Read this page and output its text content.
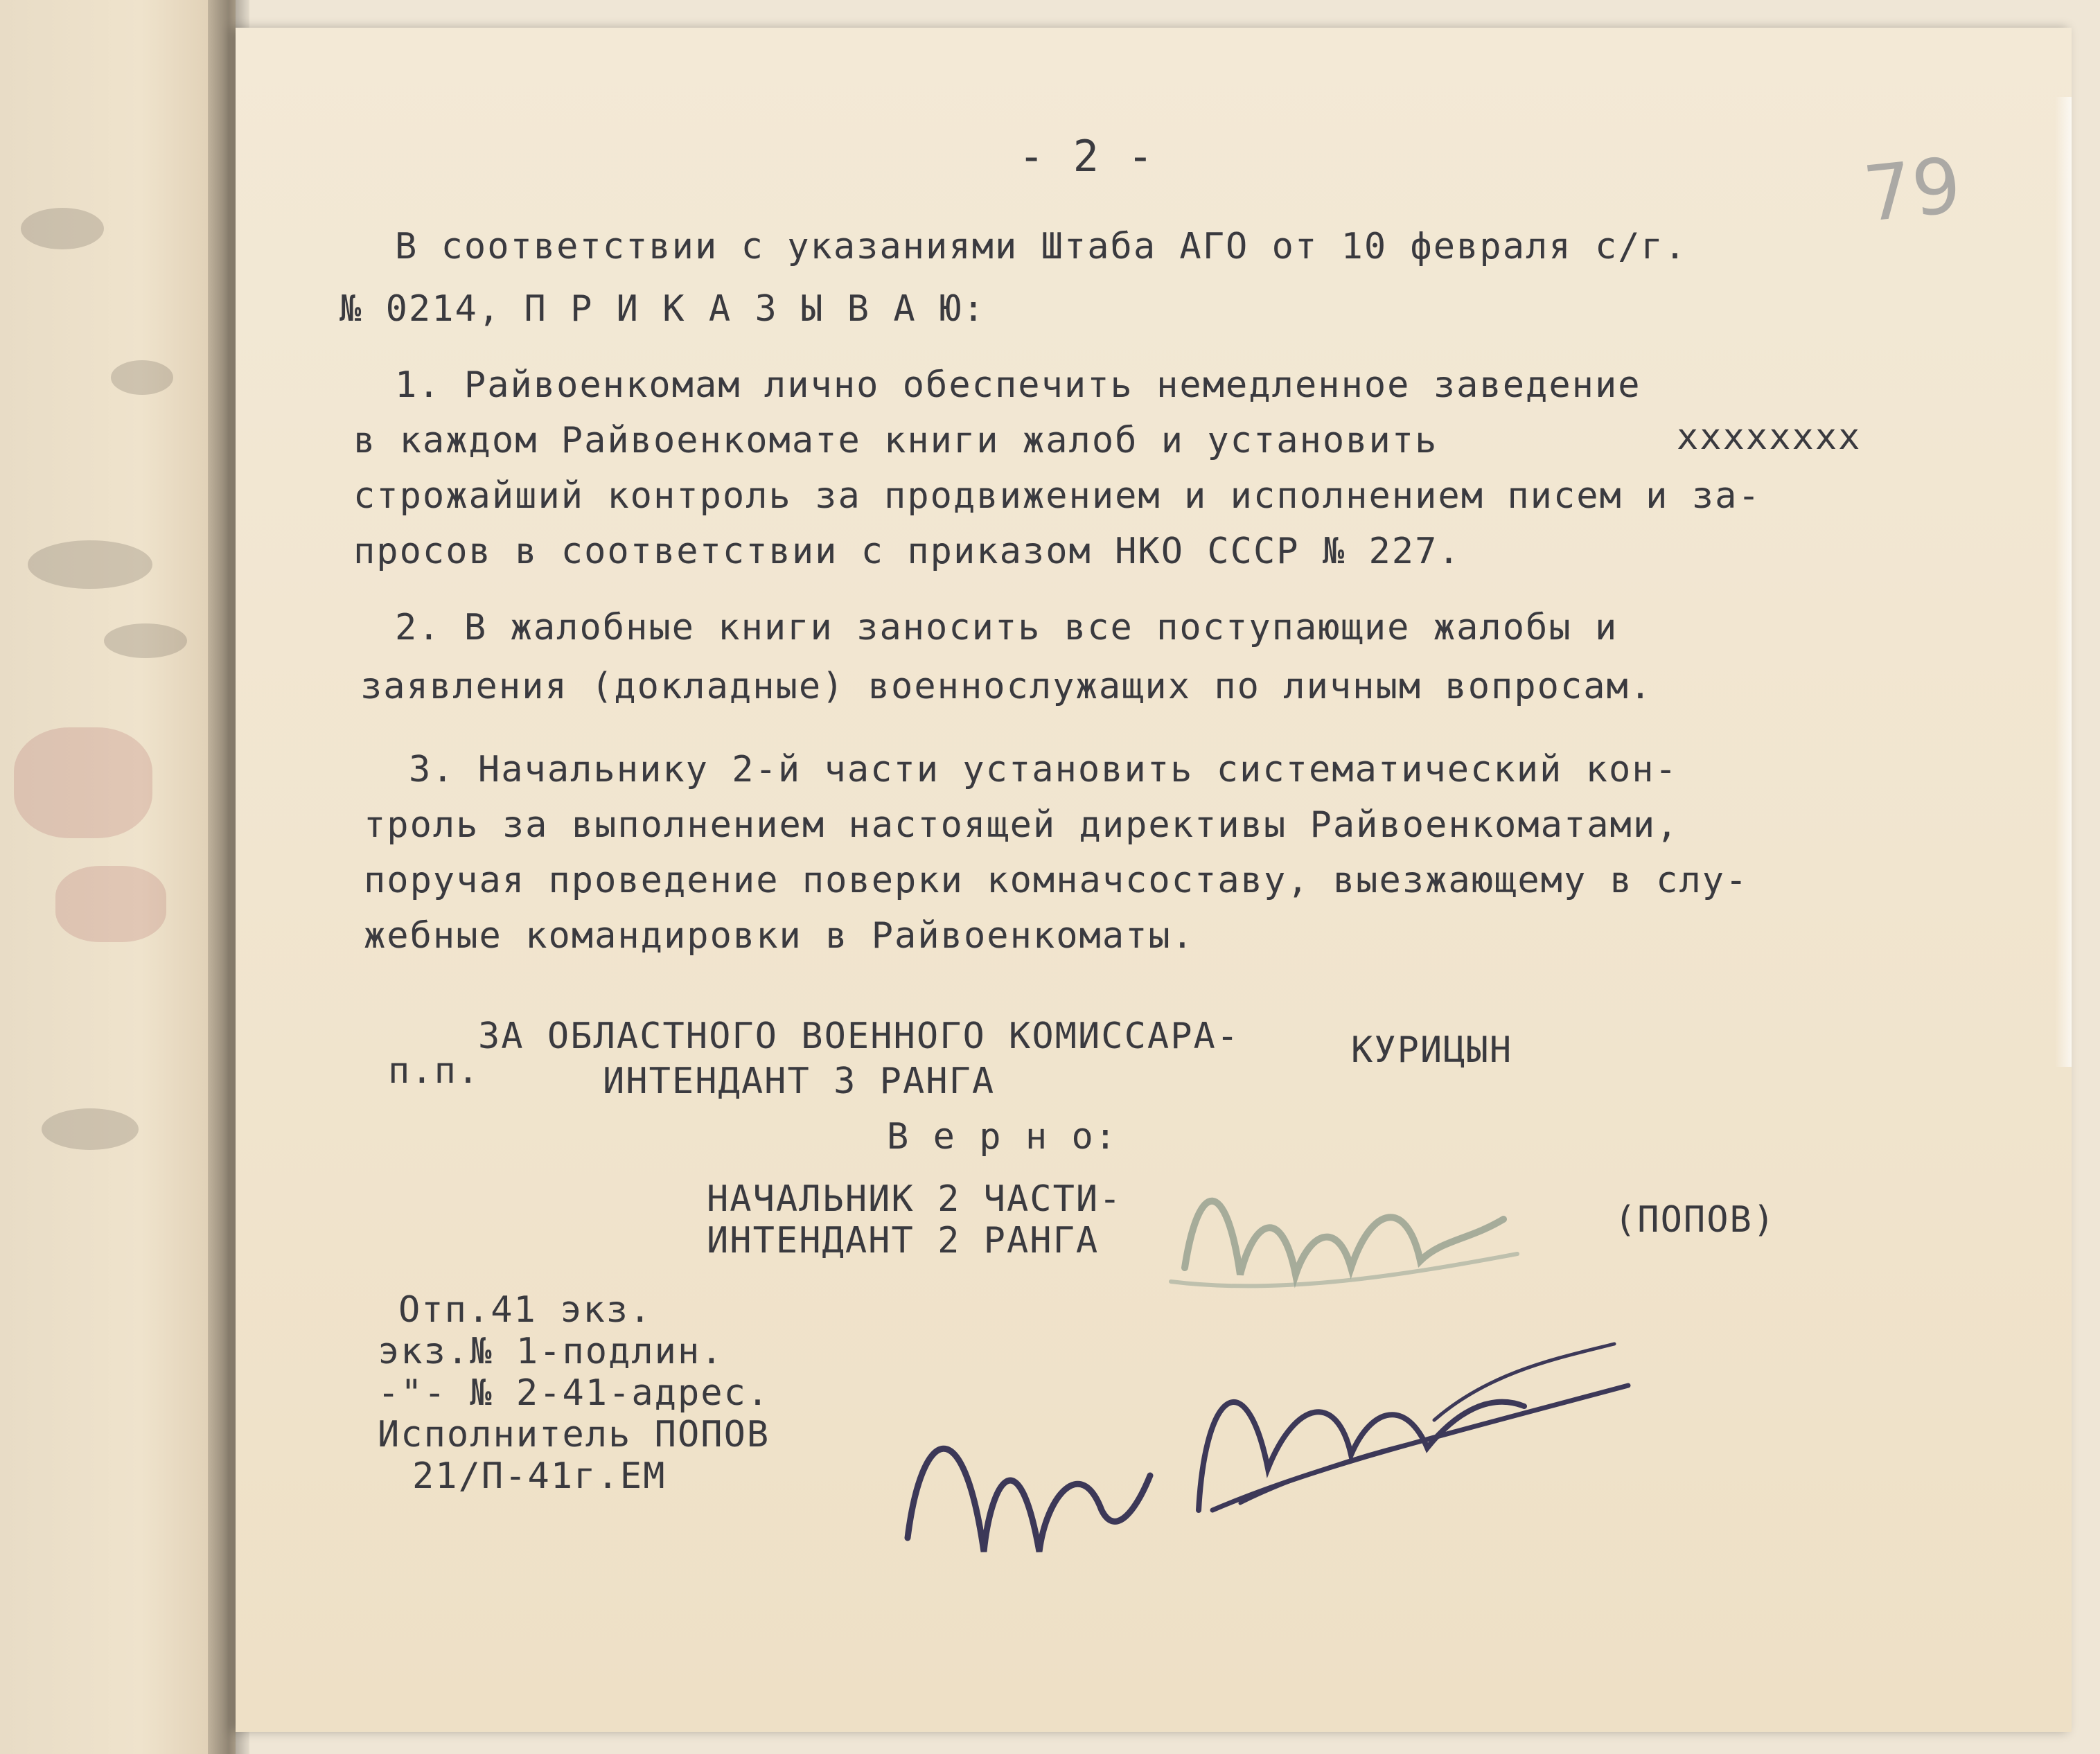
79
- 2 -
В соответствии с указаниями Штаба АГО от 10 февраля с/г.
№ 0214, П Р И К А З Ы В А Ю:
1. Райвоенкомам лично обеспечить немедленное заведение
в каждом Райвоенкомате книги жалоб и установить	xxxxxxxx
строжайший контроль за продвижением и исполнением писем и за-
просов в соответствии с приказом НКО СССР № 227.
2. В жалобные книги заносить все поступающие жалобы и
заявления (докладные) военнослужащих по личным вопросам.
3. Начальнику 2-й части установить систематический кон-
троль за выполнением настоящей директивы Райвоенкоматами,
поручая проведение поверки комначсоставу, выезжающему в слу-
жебные командировки в Райвоенкоматы.
п.п.
ЗА ОБЛАСТНОГО ВОЕННОГО КОМИССАРА-	КУРИЦЫН
ИНТЕНДАНТ 3 РАНГА
В е р н о:
НАЧАЛЬНИК 2 ЧАСТИ-
ИНТЕНДАНТ 2 РАНГА	(ПОПОВ)
Отп.41 экз.
экз.№ 1-подлин.
-"- № 2-41-адрес.
Исполнитель ПОПОВ
21/П-41г.ЕМ
